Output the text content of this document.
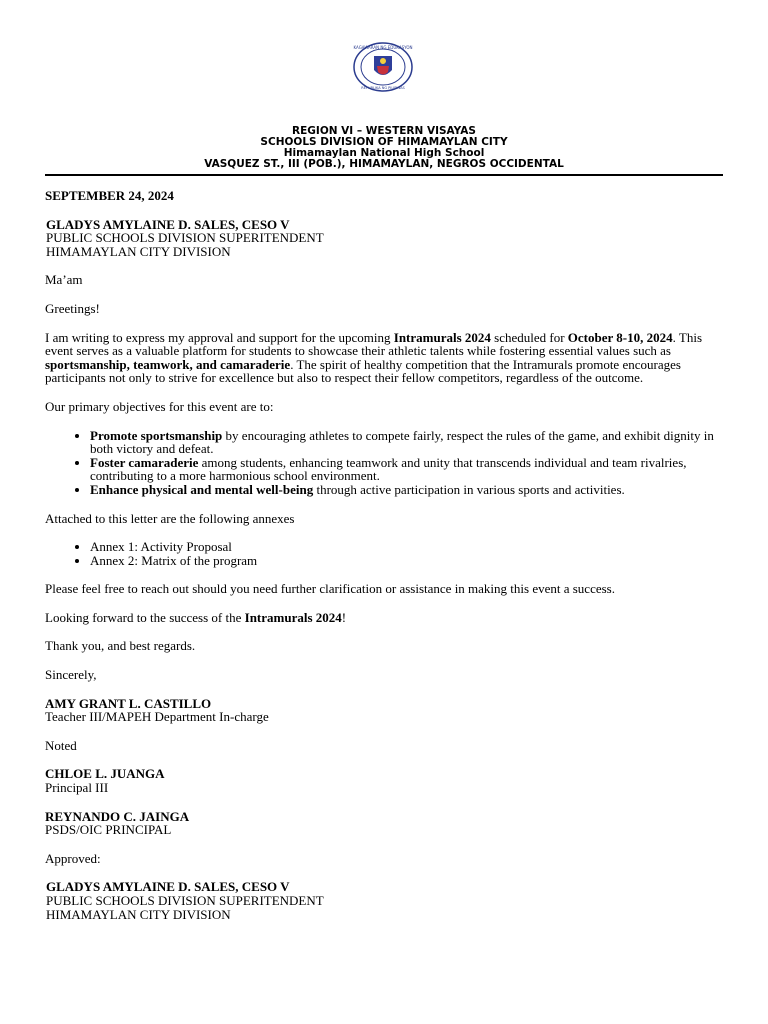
KAGAWARAN NG EDUKASYON
REPUBLIKA NG PILIPINAS
REGION VI – WESTERN VISAYAS
SCHOOLS DIVISION OF HIMAMAYLAN CITY
Himamaylan National High School
VASQUEZ ST., III (POB.), HIMAMAYLAN, NEGROS OCCIDENTAL

SEPTEMBER 24, 2024

GLADYS AMYLAINE D. SALES, CESO V

PUBLIC SCHOOLS DIVISION SUPERITENDENT

HIMAMAYLAN CITY DIVISION

Ma’am

Greetings!

I am writing to express my approval and support for the upcoming Intramurals 2024 scheduled for October 8-10, 2024. This event serves as a valuable platform for students to showcase their athletic talents while fostering essential values such as sportsmanship, teamwork, and camaraderie. The spirit of healthy competition that the Intramurals promote encourages participants not only to strive for excellence but also to respect their fellow competitors, regardless of the outcome.

Our primary objectives for this event are to:

• Promote sportsmanship by encouraging athletes to compete fairly, respect the rules of the game, and exhibit dignity in both victory and defeat.
• Foster camaraderie among students, enhancing teamwork and unity that transcends individual and team rivalries, contributing to a more harmonious school environment.
• Enhance physical and mental well-being through active participation in various sports and activities.

Attached to this letter are the following annexes

• Annex 1: Activity Proposal
• Annex 2: Matrix of the program

Please feel free to reach out should you need further clarification or assistance in making this event a success.

Looking forward to the success of the Intramurals 2024!

Thank you, and best regards.

Sincerely,

AMY GRANT L. CASTILLO

Teacher III/MAPEH Department In-charge

Noted

CHLOE L. JUANGA

Principal III

REYNANDO C. JAINGA

PSDS/OIC PRINCIPAL

Approved:

GLADYS AMYLAINE D. SALES, CESO V

PUBLIC SCHOOLS DIVISION SUPERITENDENT

HIMAMAYLAN CITY DIVISION
